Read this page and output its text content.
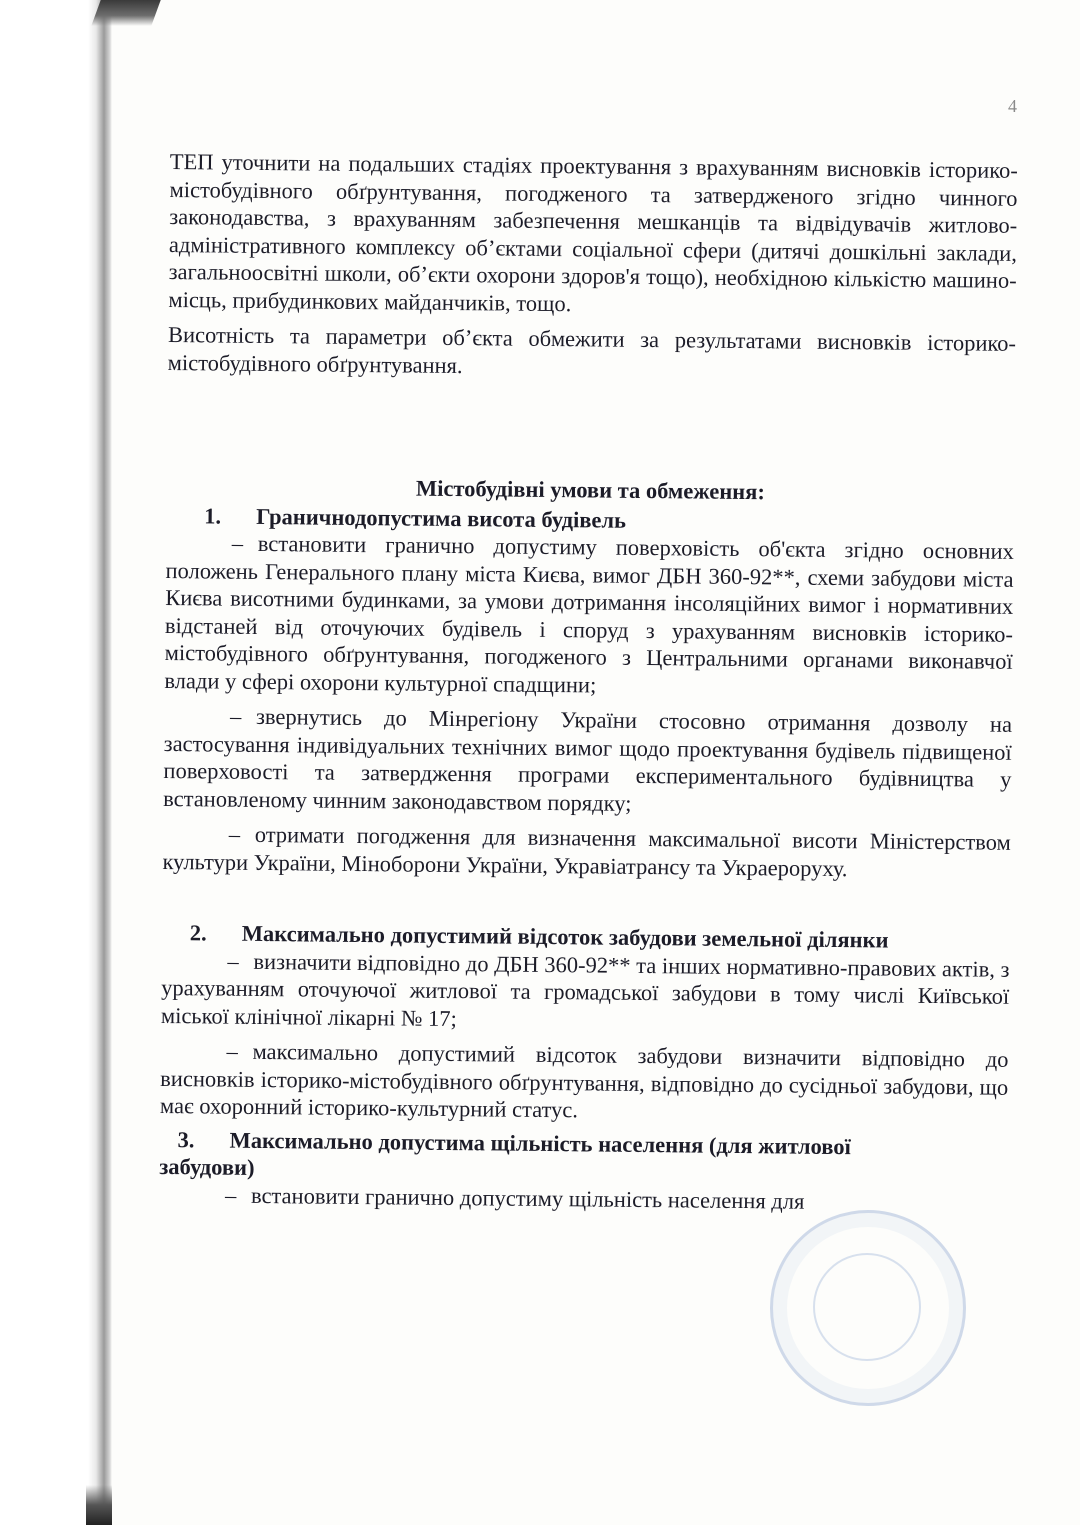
4

ТЕП уточнити на подальших стадіях проектування з врахуванням висновків історико-містобудівного обґрунтування, погодженого та затвердженого згідно чинного законодавства, з врахуванням забезпечення мешканців та відвідувачів житлово-адміністративного комплексу об’єктами соціальної сфери (дитячі дошкільні заклади, загальноосвітні школи, об’єкти охорони здоров'я тощо), необхідною кількістю машино-місць, прибудинкових майданчиків, тощо.

Висотність та параметри об’єкта обмежити за результатами висновків історико-містобудівного обґрунтування.

Містобудівні умови та обмеження:
1. Граничнодопустима висота будівель

– встановити гранично допустиму поверховість об'єкта згідно основних положень Генерального плану міста Києва, вимог ДБН 360-92**, схеми забудови міста Києва висотними будинками, за умови дотримання інсоляційних вимог і нормативних відстаней від оточуючих будівель і споруд з урахуванням висновків історико-містобудівного обґрунтування, погодженого з Центральними органами виконавчої влади у сфері охорони культурної спадщини;

– звернутись до Мінрегіону України стосовно отримання дозволу на застосування індивідуальних технічних вимог щодо проектування будівель підвищеної поверховості та затвердження програми експериментального будівництва у встановленому чинним законодавством порядку;

– отримати погодження для визначення максимальної висоти Міністерством культури України, Міноборони України, Укравіатрансу та Украероруху.

2. Максимально допустимий відсоток забудови земельної ділянки

– визначити відповідно до ДБН 360-92** та інших нормативно-правових актів, з урахуванням оточуючої житлової та громадської забудови в тому числі Київської міської клінічної лікарні № 17;

– максимально допустимий відсоток забудови визначити відповідно до висновків історико-містобудівного обґрунтування, відповідно до сусідньої забудови, що має охоронний історико-культурний статус.

3. Максимально допустима щільність населення (для житлової
забудови)

– встановити гранично допустиму щільність населення для
